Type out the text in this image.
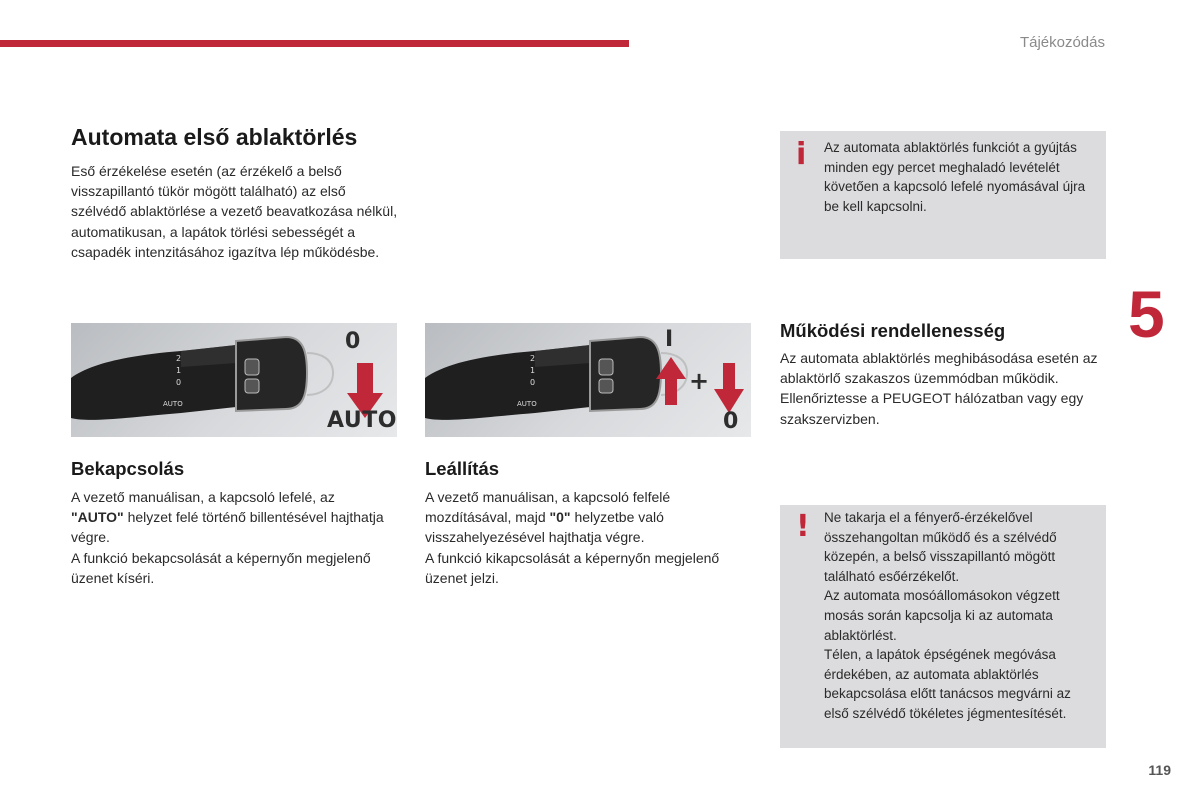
Tájékozódás
5
119
Automata első ablaktörlés

Eső érzékelése esetén (az érzékelő a belső visszapillantó tükör mögött található) az első szélvédő ablaktörlése a vezető beavatkozása nélkül, automatikusan, a lapátok törlési sebességét a csapadék intenzitásához igazítva lép működésbe.

2
1
0
AUTO
0
AUTO
2
1
0
AUTO
I
+
0
Bekapcsolás

A vezető manuálisan, a kapcsoló lefelé, az "AUTO" helyzet felé történő billentésével hajthatja végre.

A funkció bekapcsolását a képernyőn megjelenő üzenet kíséri.

Leállítás

A vezető manuálisan, a kapcsoló felfelé mozdításával, majd "0" helyzetbe való visszahelyezésével hajthatja végre.

A funkció kikapcsolását a képernyőn megjelenő üzenet jelzi.

i Az automata ablaktörlés funkciót a gyújtás minden egy percet meghaladó levételét követően a kapcsoló lefelé nyomásával újra be kell kapcsolni.

Működési rendellenesség

Az automata ablaktörlés meghibásodása esetén az ablaktörlő szakaszos üzemmódban működik.

Ellenőriztesse a PEUGEOT hálózatban vagy egy szakszervizben.

! Ne takarja el a fényerő-érzékelővel összehangoltan működő és a szélvédő közepén, a belső visszapillantó mögött található esőérzékelőt.

Az automata mosóállomásokon végzett mosás során kapcsolja ki az automata ablaktörlést.

Télen, a lapátok épségének megóvása érdekében, az automata ablaktörlés bekapcsolása előtt tanácsos megvárni az első szélvédő tökéletes jégmentesítését.
